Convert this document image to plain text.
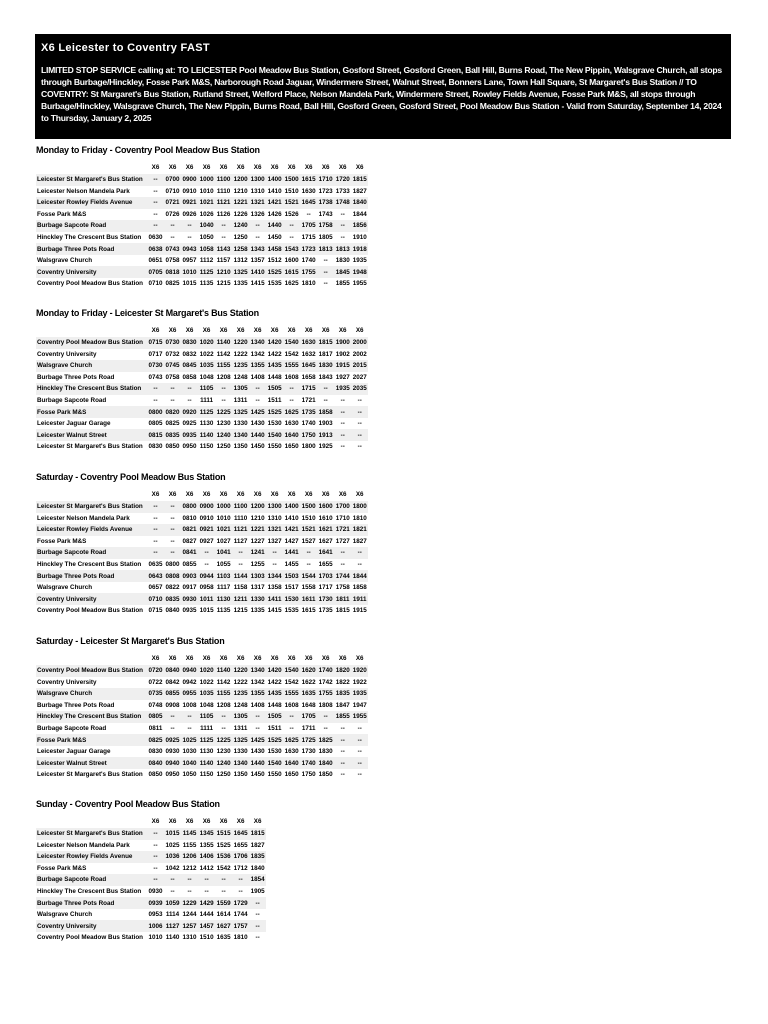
X6 Leicester to Coventry FAST
LIMITED STOP SERVICE calling at: TO LEICESTER Pool Meadow Bus Station, Gosford Street, Gosford Green, Ball Hill, Burns Road, The New Pippin, Walsgrave Church, all stops through Burbage/Hinckley, Fosse Park M&S, Narborough Road Jaguar, Windermere Street, Walnut Street, Bonners Lane, Town Hall Square, St Margaret's Bus Station // TO COVENTRY: St Margaret's Bus Station, Rutland Street, Welford Place, Nelson Mandela Park, Windermere Street, Rowley Fields Avenue, Fosse Park M&S, all stops through Burbage/Hinckley, Walsgrave Church, The New Pippin, Burns Road, Ball Hill, Gosford Green, Gosford Street, Pool Meadow Bus Station - Valid from Saturday, September 14, 2024 to Thursday, January 2, 2025
Monday to Friday - Coventry Pool Meadow Bus Station
	X6	X6	X6	X6	X6	X6	X6	X6	X6	X6	X6	X6	X6
Leicester St Margaret's Bus Station	--	0700	0900	1000	1100	1200	1300	1400	1500	1615	1710	1720	1815
Leicester Nelson Mandela Park	--	0710	0910	1010	1110	1210	1310	1410	1510	1630	1723	1733	1827
Leicester Rowley Fields Avenue	--	0721	0921	1021	1121	1221	1321	1421	1521	1645	1738	1748	1840
Fosse Park M&S	--	0726	0926	1026	1126	1226	1326	1426	1526	--	1743	--	1844
Burbage Sapcote Road	--	--	--	1040	--	1240	--	1440	--	1705	1758	--	1856
Hinckley The Crescent Bus Station	0630	--	--	1050	--	1250	--	1450	--	1715	1805	--	1910
Burbage Three Pots Road	0638	0743	0943	1058	1143	1258	1343	1458	1543	1723	1813	1813	1918
Walsgrave Church	0651	0758	0957	1112	1157	1312	1357	1512	1600	1740	--	1830	1935
Coventry University	0705	0818	1010	1125	1210	1325	1410	1525	1615	1755	--	1845	1948
Coventry Pool Meadow Bus Station	0710	0825	1015	1135	1215	1335	1415	1535	1625	1810	--	1855	1955
Monday to Friday - Leicester St Margaret's Bus Station
	X6	X6	X6	X6	X6	X6	X6	X6	X6	X6	X6	X6	X6
Coventry Pool Meadow Bus Station	0715	0730	0830	1020	1140	1220	1340	1420	1540	1630	1815	1900	2000
Coventry University	0717	0732	0832	1022	1142	1222	1342	1422	1542	1632	1817	1902	2002
Walsgrave Church	0730	0745	0845	1035	1155	1235	1355	1435	1555	1645	1830	1915	2015
Burbage Three Pots Road	0743	0758	0858	1048	1208	1248	1408	1448	1608	1658	1843	1927	2027
Hinckley The Crescent Bus Station	--	--	--	1105	--	1305	--	1505	--	1715	--	1935	2035
Burbage Sapcote Road	--	--	--	1111	--	1311	--	1511	--	1721	--	--	--
Fosse Park M&S	0800	0820	0920	1125	1225	1325	1425	1525	1625	1735	1858	--	--
Leicester Jaguar Garage	0805	0825	0925	1130	1230	1330	1430	1530	1630	1740	1903	--	--
Leicester Walnut Street	0815	0835	0935	1140	1240	1340	1440	1540	1640	1750	1913	--	--
Leicester St Margaret's Bus Station	0830	0850	0950	1150	1250	1350	1450	1550	1650	1800	1925	--	--
Saturday - Coventry Pool Meadow Bus Station
	X6	X6	X6	X6	X6	X6	X6	X6	X6	X6	X6	X6	X6
Leicester St Margaret's Bus Station	--	--	0800	0900	1000	1100	1200	1300	1400	1500	1600	1700	1800
Leicester Nelson Mandela Park	--	--	0810	0910	1010	1110	1210	1310	1410	1510	1610	1710	1810
Leicester Rowley Fields Avenue	--	--	0821	0921	1021	1121	1221	1321	1421	1521	1621	1721	1821
Fosse Park M&S	--	--	0827	0927	1027	1127	1227	1327	1427	1527	1627	1727	1827
Burbage Sapcote Road	--	--	0841	--	1041	--	1241	--	1441	--	1641	--	--
Hinckley The Crescent Bus Station	0635	0800	0855	--	1055	--	1255	--	1455	--	1655	--	--
Burbage Three Pots Road	0643	0808	0903	0944	1103	1144	1303	1344	1503	1544	1703	1744	1844
Walsgrave Church	0657	0822	0917	0958	1117	1158	1317	1358	1517	1558	1717	1758	1858
Coventry University	0710	0835	0930	1011	1130	1211	1330	1411	1530	1611	1730	1811	1911
Coventry Pool Meadow Bus Station	0715	0840	0935	1015	1135	1215	1335	1415	1535	1615	1735	1815	1915
Saturday - Leicester St Margaret's Bus Station
	X6	X6	X6	X6	X6	X6	X6	X6	X6	X6	X6	X6	X6
Coventry Pool Meadow Bus Station	0720	0840	0940	1020	1140	1220	1340	1420	1540	1620	1740	1820	1920
Coventry University	0722	0842	0942	1022	1142	1222	1342	1422	1542	1622	1742	1822	1922
Walsgrave Church	0735	0855	0955	1035	1155	1235	1355	1435	1555	1635	1755	1835	1935
Burbage Three Pots Road	0748	0908	1008	1048	1208	1248	1408	1448	1608	1648	1808	1847	1947
Hinckley The Crescent Bus Station	0805	--	--	1105	--	1305	--	1505	--	1705	--	1855	1955
Burbage Sapcote Road	0811	--	--	1111	--	1311	--	1511	--	1711	--	--	--
Fosse Park M&S	0825	0925	1025	1125	1225	1325	1425	1525	1625	1725	1825	--	--
Leicester Jaguar Garage	0830	0930	1030	1130	1230	1330	1430	1530	1630	1730	1830	--	--
Leicester Walnut Street	0840	0940	1040	1140	1240	1340	1440	1540	1640	1740	1840	--	--
Leicester St Margaret's Bus Station	0850	0950	1050	1150	1250	1350	1450	1550	1650	1750	1850	--	--
Sunday - Coventry Pool Meadow Bus Station
	X6	X6	X6	X6	X6	X6	X6
Leicester St Margaret's Bus Station	--	1015	1145	1345	1515	1645	1815
Leicester Nelson Mandela Park	--	1025	1155	1355	1525	1655	1827
Leicester Rowley Fields Avenue	--	1036	1206	1406	1536	1706	1835
Fosse Park M&S	--	1042	1212	1412	1542	1712	1840
Burbage Sapcote Road	--	--	--	--	--	--	1854
Hinckley The Crescent Bus Station	0930	--	--	--	--	--	1905
Burbage Three Pots Road	0939	1059	1229	1429	1559	1729	--
Walsgrave Church	0953	1114	1244	1444	1614	1744	--
Coventry University	1006	1127	1257	1457	1627	1757	--
Coventry Pool Meadow Bus Station	1010	1140	1310	1510	1635	1810	--
